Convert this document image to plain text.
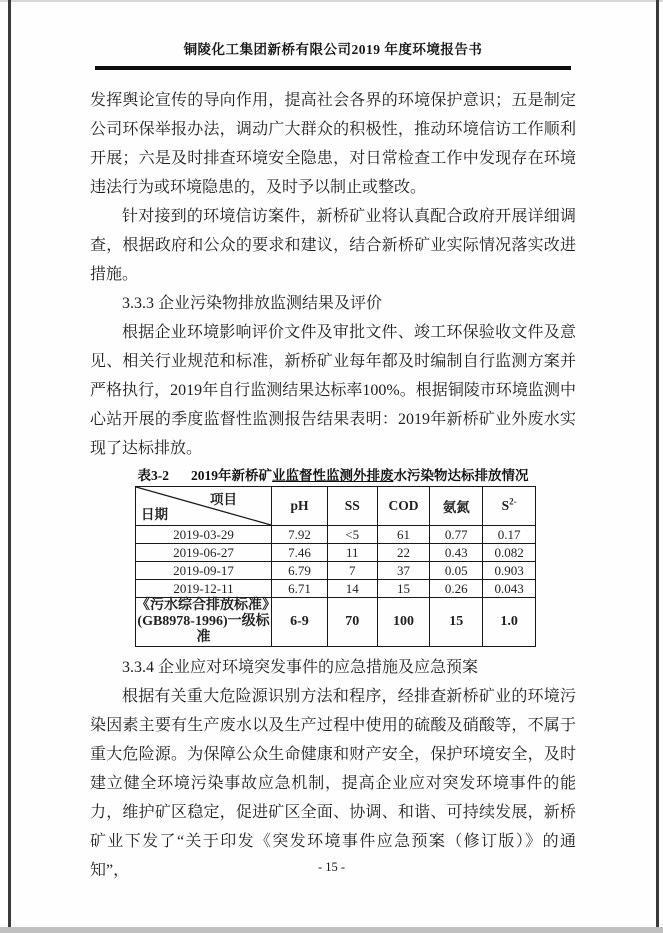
铜陵化工集团新桥有限公司2019 年度环境报告书

发挥舆论宣传的导向作用，提高社会各界的环境保护意识；五是制定公司环保举报办法，调动广大群众的积极性，推动环境信访工作顺利开展；六是及时排查环境安全隐患，对日常检查工作中发现存在环境违法行为或环境隐患的，及时予以制止或整改。

针对接到的环境信访案件，新桥矿业将认真配合政府开展详细调查，根据政府和公众的要求和建议，结合新桥矿业实际情况落实改进措施。

3.3.3 企业污染物排放监测结果及评价

根据企业环境影响评价文件及审批文件、竣工环保验收文件及意见、相关行业规范和标准，新桥矿业每年都及时编制自行监测方案并严格执行，2019年自行监测结果达标率100%。根据铜陵市环境监测中心站开展的季度监督性监测报告结果表明：2019年新桥矿业外废水实现了达标排放。

表3-2 2019年新桥矿业监督性监测外排废水污染物达标排放情况
项目
日期	pH	SS	COD	氨氮	$S^{2-}$
2019-03-29	7.92	<5	61	0.77	0.17
2019-06-27	7.46	11	22	0.43	0.082
2019-09-17	6.79	7	37	0.05	0.903
2019-12-11	6.71	14	15	0.26	0.043

《污水综合排放标准》
(GB8978-1996)一级标准	6-9	70	100	15	1.0
3.3.4 企业应对环境突发事件的应急措施及应急预案

根据有关重大危险源识别方法和程序，经排查新桥矿业的环境污染因素主要有生产废水以及生产过程中使用的硫酸及硝酸等，不属于重大危险源。为保障公众生命健康和财产安全，保护环境安全，及时建立健全环境污染事故应急机制，提高企业应对突发环境事件的能力，维护矿区稳定，促进矿区全面、协调、和谐、可持续发展，新桥矿业下发了“关于印发《突发环境事件应急预案（修订版）》的通知”，	- 15 -
